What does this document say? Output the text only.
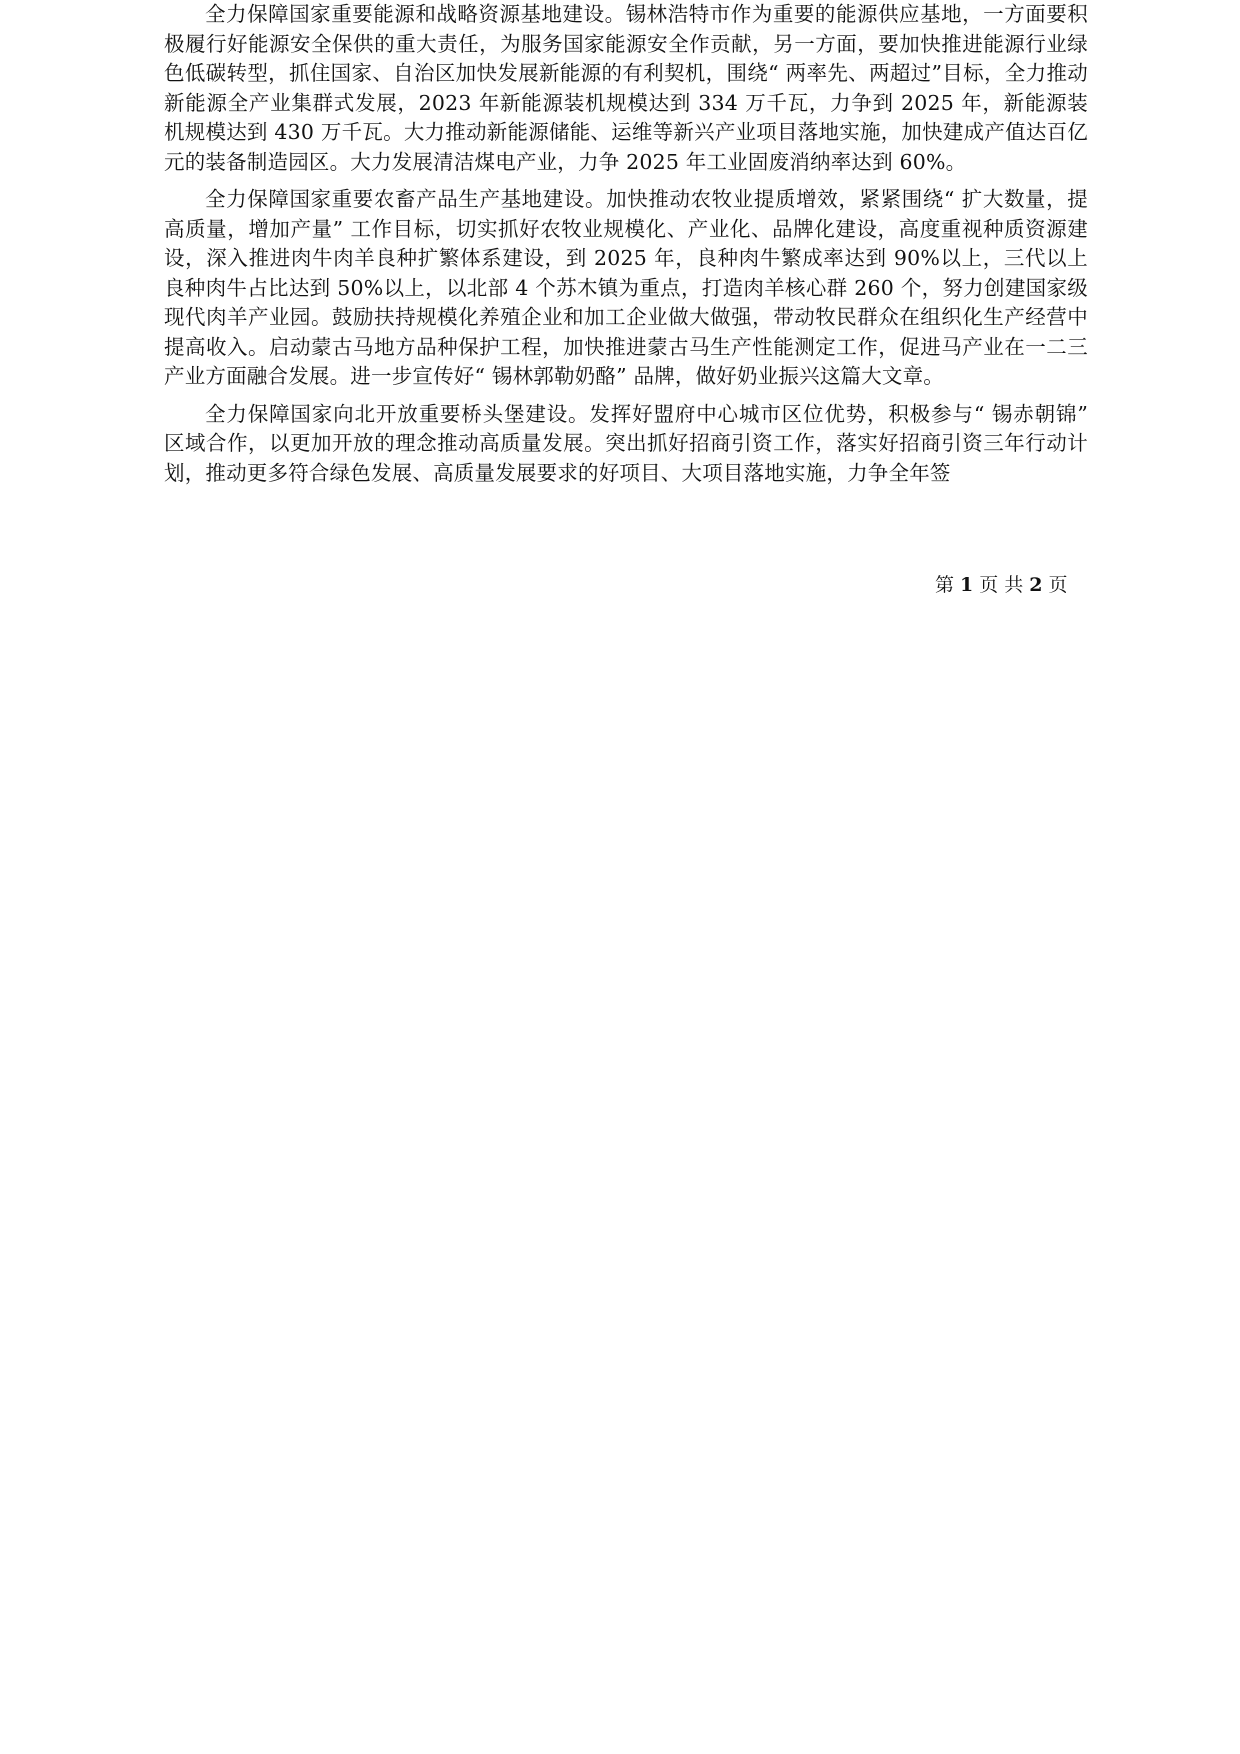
全力保障国家重要能源和战略资源基地建设。锡林浩特市作为重要的能源供应基地，一方面要积极履行好能源安全保供的重大责任，为服务国家能源安全作贡献，另一方面，要加快推进能源行业绿色低碳转型，抓住国家、自治区加快发展新能源的有利契机，围绕“ 两率先、两超过”目标，全力推动新能源全产业集群式发展，2023 年新能源装机规模达到 334 万千瓦，力争到 2025 年，新能源装机规模达到 430 万千瓦。大力推动新能源储能、运维等新兴产业项目落地实施，加快建成产值达百亿元的装备制造园区。大力发展清洁煤电产业，力争 2025 年工业固废消纳率达到 60%。

全力保障国家重要农畜产品生产基地建设。加快推动农牧业提质增效，紧紧围绕“ 扩大数量，提高质量，增加产量” 工作目标，切实抓好农牧业规模化、产业化、品牌化建设，高度重视种质资源建设，深入推进肉牛肉羊良种扩繁体系建设，到 2025 年，良种肉牛繁成率达到 90%以上，三代以上良种肉牛占比达到 50%以上，以北部 4 个苏木镇为重点，打造肉羊核心群 260 个，努力创建国家级现代肉羊产业园。鼓励扶持规模化养殖企业和加工企业做大做强，带动牧民群众在组织化生产经营中提高收入。启动蒙古马地方品种保护工程，加快推进蒙古马生产性能测定工作，促进马产业在一二三产业方面融合发展。进一步宣传好“ 锡林郭勒奶酪” 品牌，做好奶业振兴这篇大文章。

全力保障国家向北开放重要桥头堡建设。发挥好盟府中心城市区位优势，积极参与“ 锡赤朝锦” 区域合作，以更加开放的理念推动高质量发展。突出抓好招商引资工作，落实好招商引资三年行动计划，推动更多符合绿色发展、高质量发展要求的好项目、大项目落地实施，力争全年签

第 1 页 共 2 页
